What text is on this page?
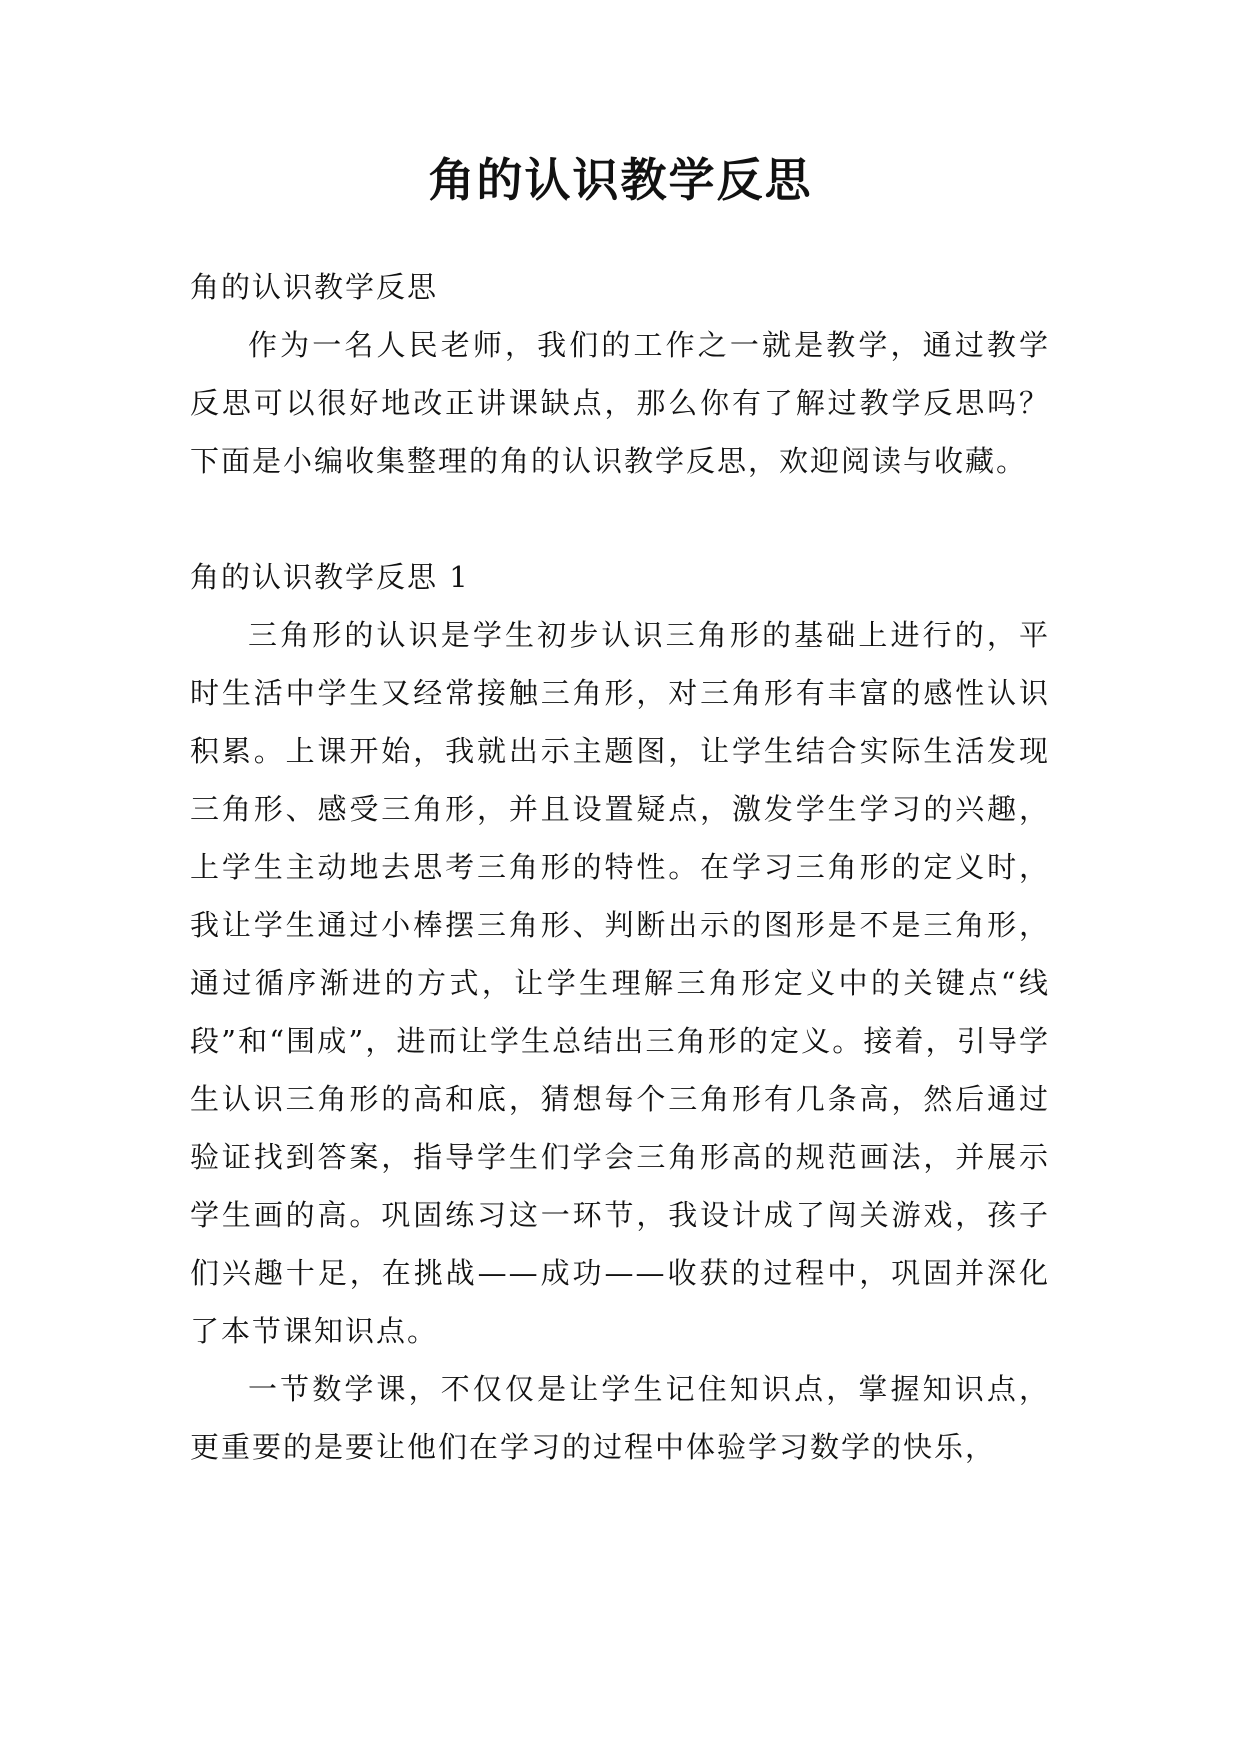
角的认识教学反思

角的认识教学反思

作为一名人民老师，我们的工作之一就是教学，通过教学反思可以很好地改正讲课缺点，那么你有了解过教学反思吗？下面是小编收集整理的角的认识教学反思，欢迎阅读与收藏。

角的认识教学反思 1

三角形的认识是学生初步认识三角形的基础上进行的，平时生活中学生又经常接触三角形，对三角形有丰富的感性认识积累。上课开始，我就出示主题图，让学生结合实际生活发现三角形、感受三角形，并且设置疑点，激发学生学习的兴趣，上学生主动地去思考三角形的特性。在学习三角形的定义时，我让学生通过小棒摆三角形、判断出示的图形是不是三角形，通过循序渐进的方式，让学生理解三角形定义中的关键点“线段”和“围成”，进而让学生总结出三角形的定义。接着，引导学生认识三角形的高和底，猜想每个三角形有几条高，然后通过验证找到答案，指导学生们学会三角形高的规范画法，并展示学生画的高。巩固练习这一环节，我设计成了闯关游戏，孩子们兴趣十足，在挑战——成功——收获的过程中，巩固并深化了本节课知识点。

一节数学课，不仅仅是让学生记住知识点，掌握知识点，更重要的是要让他们在学习的过程中体验学习数学的快乐，
